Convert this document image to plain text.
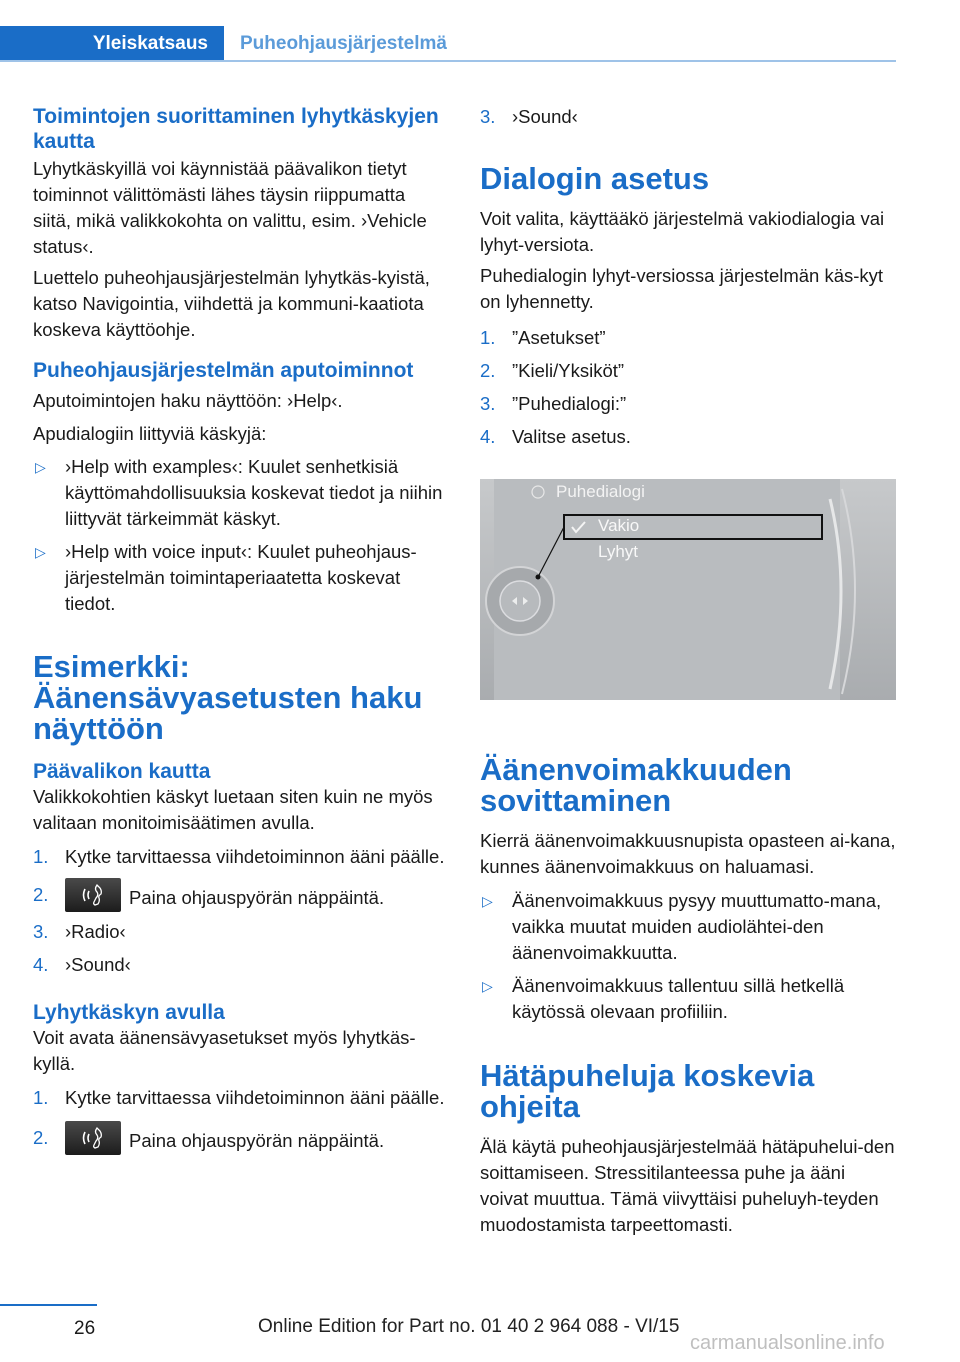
Yleiskatsaus	Puheohjausjärjestelmä
Toimintojen suorittaminen lyhytkäskyjen kautta

Lyhytkäskyillä voi käynnistää päävalikon tietyt toiminnot välittömästi lähes täysin riippumatta siitä, mikä valikkokohta on valittu, esim. ›Vehicle status‹.

Luettelo puheohjausjärjestelmän lyhytkäs‐kyistä, katso Navigointia, viihdettä ja kommuni‐kaatiota koskeva käyttöohje.

Puheohjausjärjestelmän aputoiminnot

Aputoimintojen haku näyttöön: ›Help‹.

Apudialogiin liittyviä käskyjä:

▷ ›Help with examples‹: Kuulet senhetkisiä käyttömahdollisuuksia koskevat tiedot ja niihin liittyvät tärkeimmät käskyt.
▷ ›Help with voice input‹: Kuulet puheohjaus‐järjestelmän toimintaperiaatetta koskevat tiedot.
Esimerkki: Äänensävyasetusten haku näyttöön
Päävalikon kautta

Valikkokohtien käskyt luetaan siten kuin ne myös valitaan monitoimisäätimen avulla.

1. Kytke tarvittaessa viihdetoiminnon ääni päälle.
2.	Paina ohjauspyörän näppäintä.
3. ›Radio‹
4. ›Sound‹
Lyhytkäskyn avulla

Voit avata äänensävyasetukset myös lyhytkäs‐kyllä.

1. Kytke tarvittaessa viihdetoiminnon ääni päälle.
2.	Paina ohjauspyörän näppäintä.
3. ›Sound‹
Dialogin asetus

Voit valita, käyttääkö järjestelmä vakiodialogia vai lyhyt-versiota.

Puhedialogin lyhyt-versiossa järjestelmän käs‐kyt on lyhennetty.

1. ”Asetukset”
2. ”Kieli/Yksiköt”
3. ”Puhedialogi:”
4. Valitse asetus.
Puhedialogi
Vakio
Lyhyt
Äänenvoimakkuuden sovittaminen

Kierrä äänenvoimakkuusnupista opasteen ai‐kana, kunnes äänenvoimakkuus on haluamasi.

▷ Äänenvoimakkuus pysyy muuttumatto‐mana, vaikka muutat muiden audiolähtei‐den äänenvoimakkuutta.
▷ Äänenvoimakkuus tallentuu sillä hetkellä käytössä olevaan profiiliin.
Hätäpuheluja koskevia ohjeita

Älä käytä puheohjausjärjestelmää hätäpuhelui‐den soittamiseen. Stressitilanteessa puhe ja ääni voivat muuttua. Tämä viivyttäisi puheluyh‐teyden muodostamista tarpeettomasti.

26	Online Edition for Part no. 01 40 2 964 088 - VI/15
carmanualsonline.info
